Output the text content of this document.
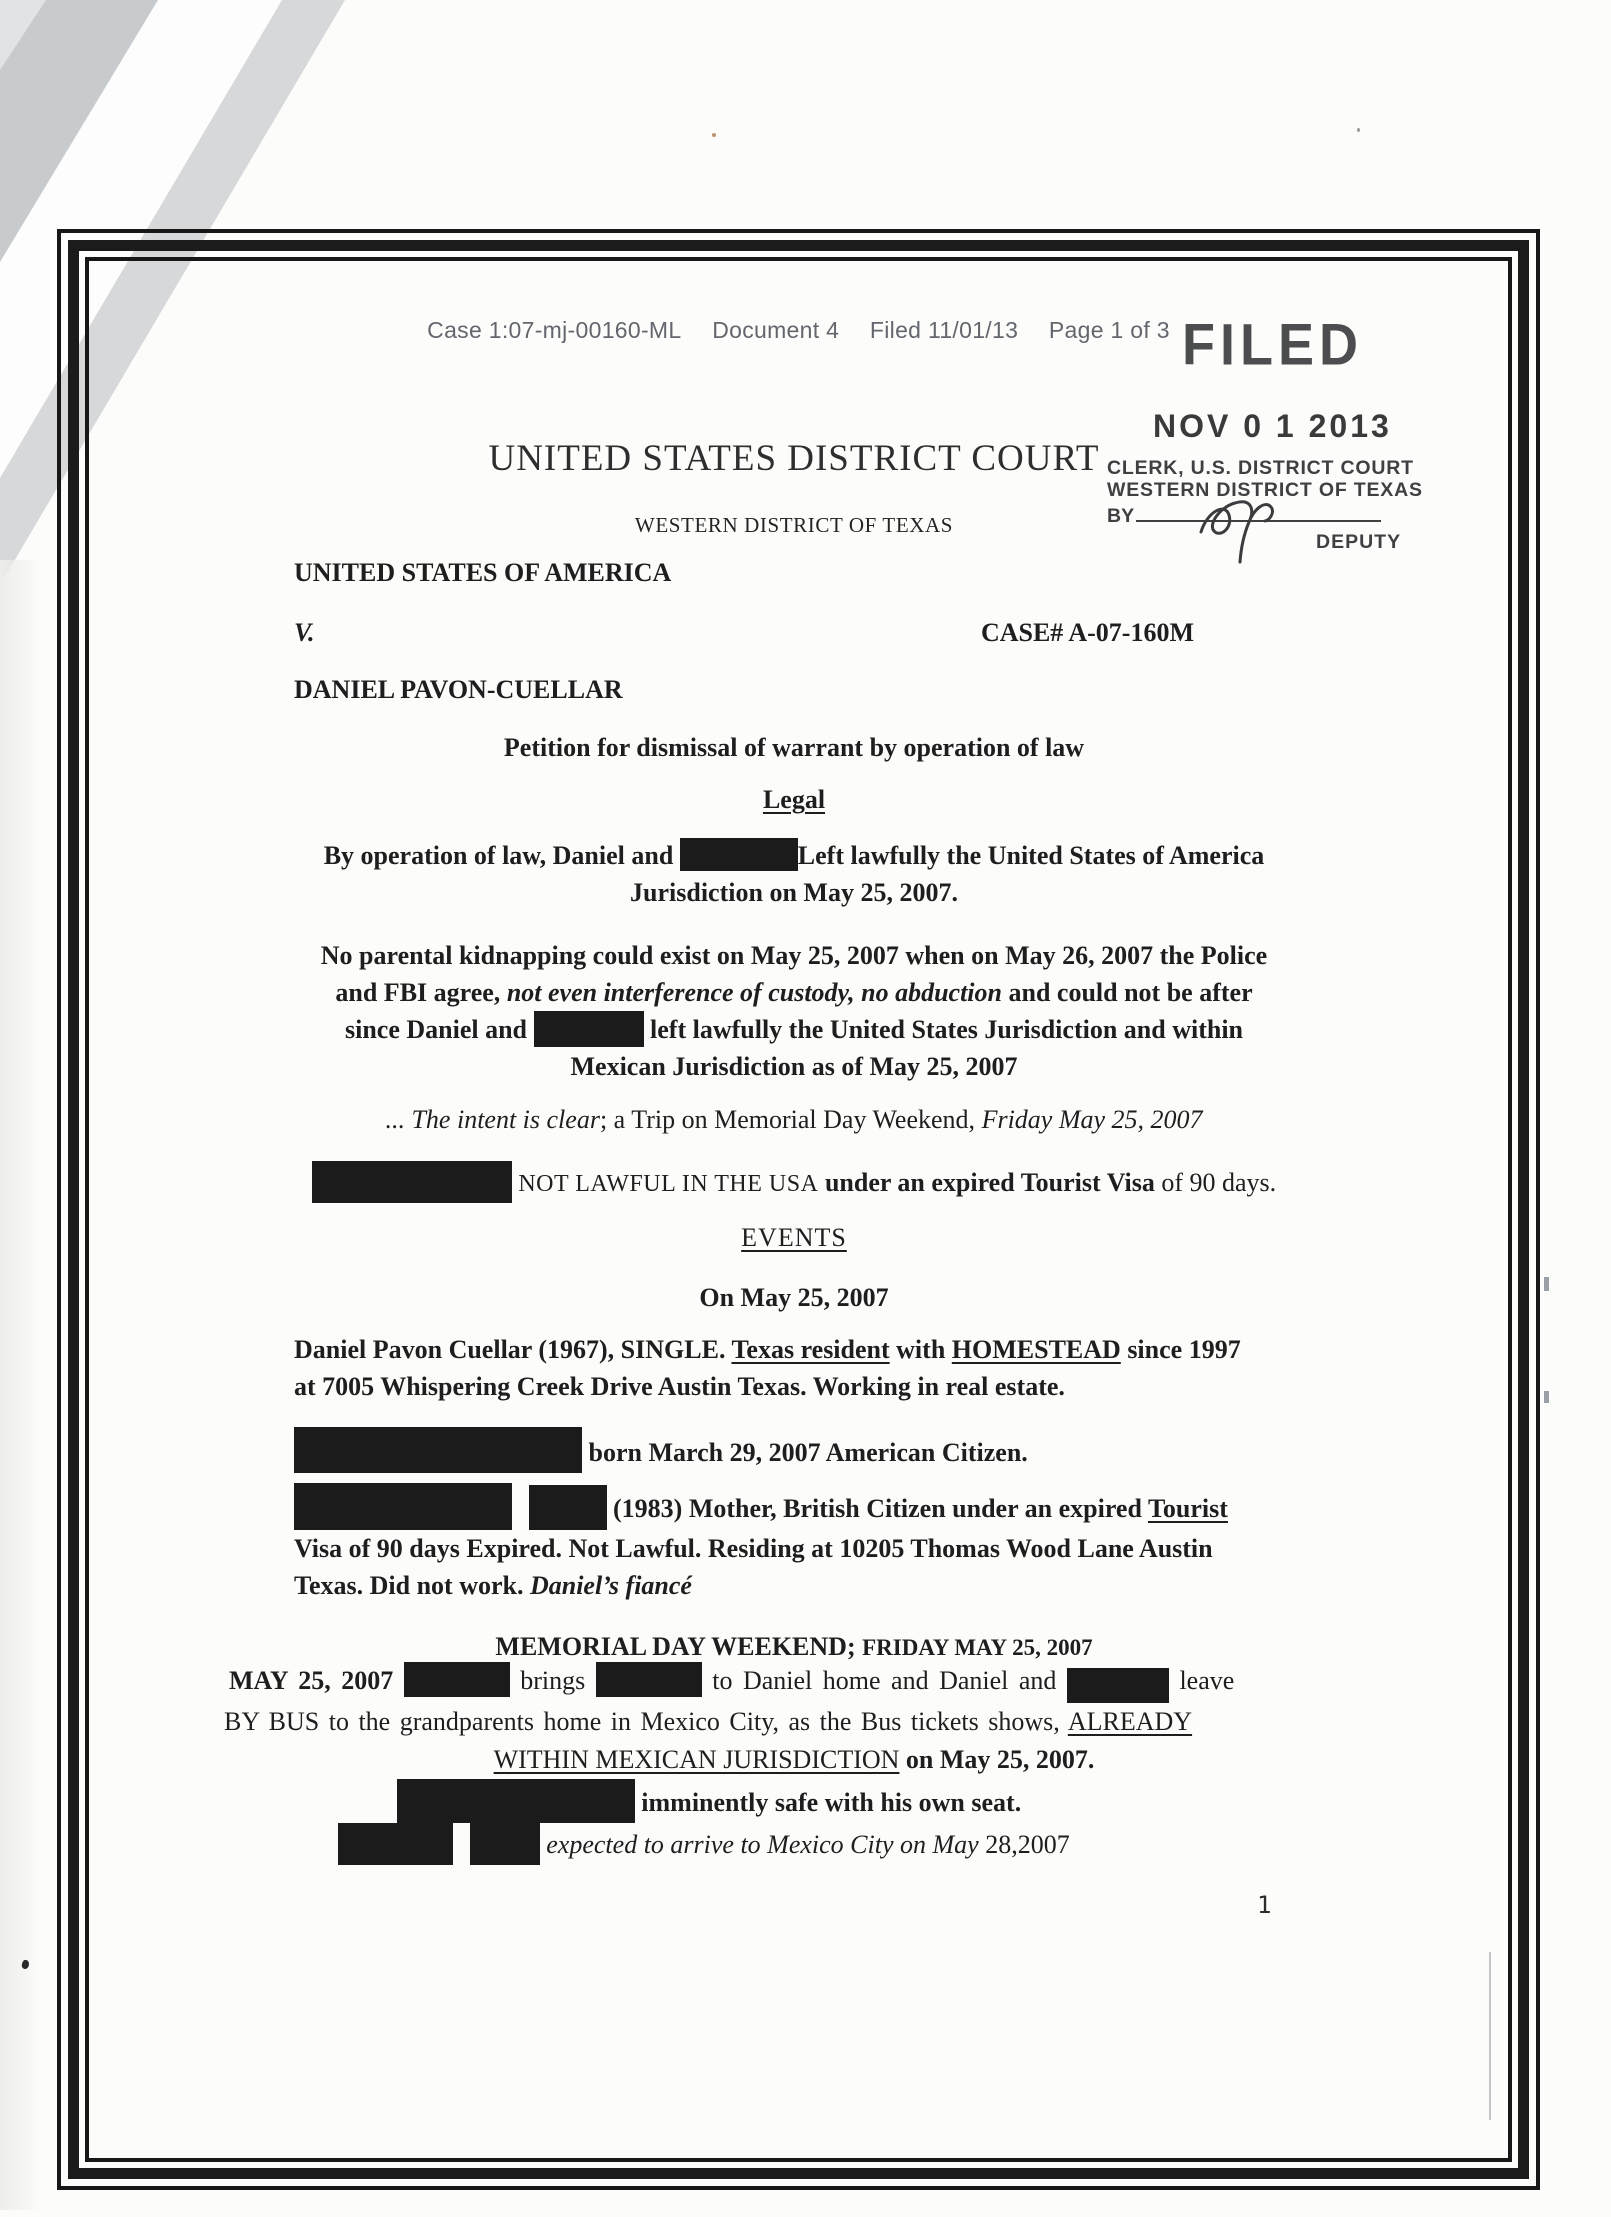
Case 1:07-mj-00160-ML Document 4 Filed 11/01/13 Page 1 of 3 FILED
NOV 0 1 2013
CLERK, U.S. DISTRICT COURT
WESTERN DISTRICT OF TEXAS
BY
DEPUTY
UNITED STATES DISTRICT COURT
WESTERN DISTRICT OF TEXAS
UNITED STATES OF AMERICA
V.	CASE# A-07-160M
DANIEL PAVON-CUELLAR
Petition for dismissal of warrant by operation of law
Legal
By operation of law, Daniel and	Left lawfully the United States of America
Jurisdiction on May 25, 2007.
No parental kidnapping could exist on May 25, 2007 when on May 26, 2007 the Police
and FBI agree, not even interference of custody, no abduction and could not be after
since Daniel and	left lawfully the United States Jurisdiction and within
Mexican Jurisdiction as of May 25, 2007
... The intent is clear; a Trip on Memorial Day Weekend, Friday May 25, 2007
NOT LAWFUL IN THE USA under an expired Tourist Visa of 90 days.
EVENTS
On May 25, 2007
Daniel Pavon Cuellar (1967), SINGLE. Texas resident with HOMESTEAD since 1997
at 7005 Whispering Creek Drive Austin Texas. Working in real estate.
born March 29, 2007 American Citizen.
(1983) Mother, British Citizen under an expired Tourist
Visa of 90 days Expired. Not Lawful. Residing at 10205 Thomas Wood Lane Austin
Texas. Did not work. Daniel’s fiancé
MEMORIAL DAY WEEKEND; FRIDAY MAY 25, 2007
MAY 25, 2007	brings	to Daniel home and Daniel and	leave
BY BUS to the grandparents home in Mexico City, as the Bus tickets shows, ALREADY
WITHIN MEXICAN JURISDICTION on May 25, 2007.
imminently safe with his own seat.
expected to arrive to Mexico City on May 28,2007
1
